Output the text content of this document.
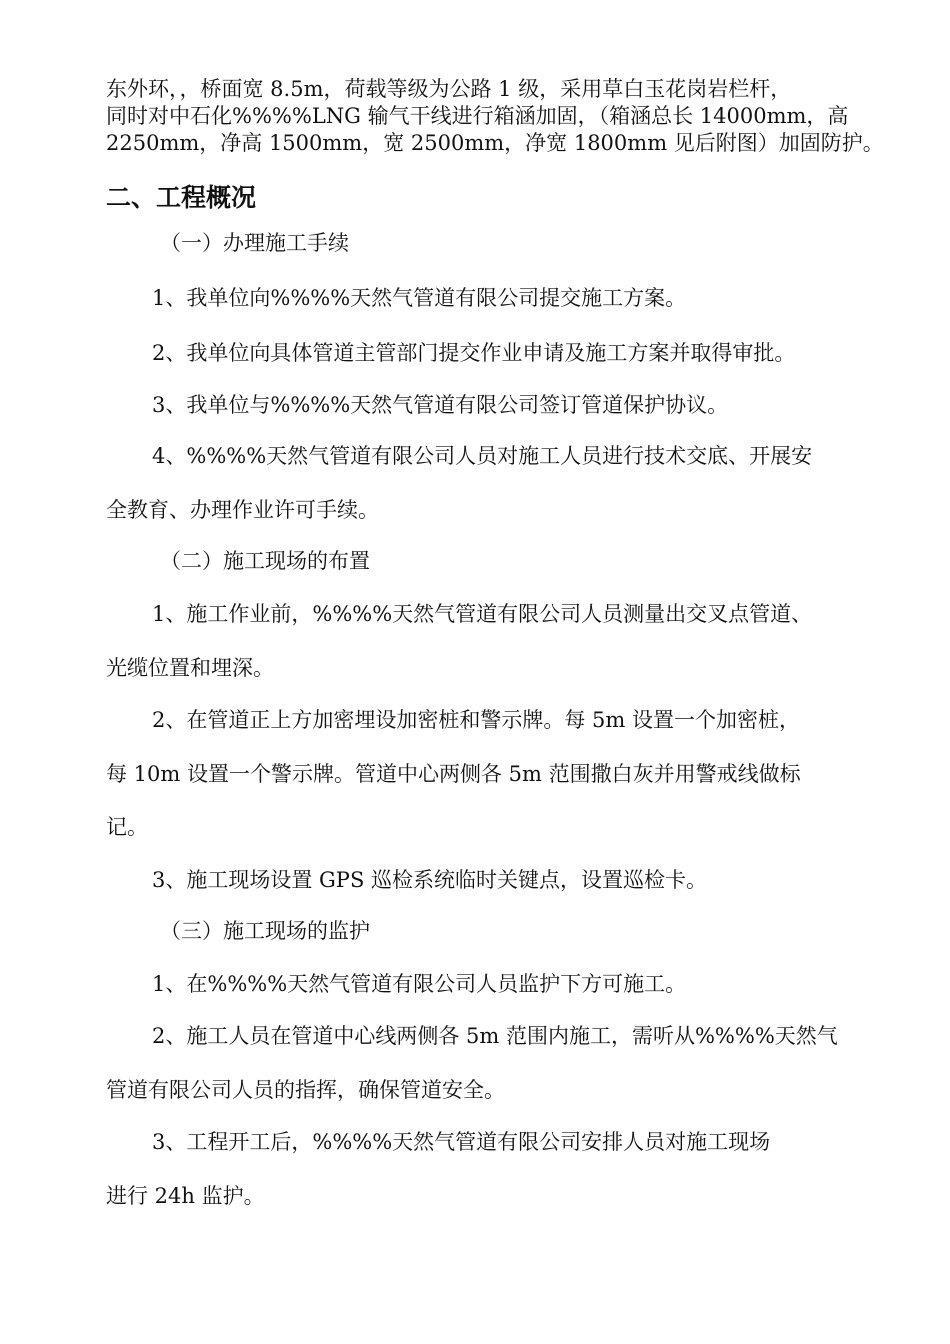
东外环，，桥面宽 8.5m，荷载等级为公路 1 级，采用草白玉花岗岩栏杆，
同时对中石化%%%%LNG 输气干线进行箱涵加固，（箱涵总长 14000mm，高
2250mm，净高 1500mm，宽 2500mm，净宽 1800mm 见后附图）加固防护。
二、工程概况
（一）办理施工手续
1、我单位向%%%%天然气管道有限公司提交施工方案。
2、我单位向具体管道主管部门提交作业申请及施工方案并取得审批。
3、我单位与%%%%天然气管道有限公司签订管道保护协议。
4、%%%%天然气管道有限公司人员对施工人员进行技术交底、开展安
全教育、办理作业许可手续。
（二）施工现场的布置
1、施工作业前，%%%%天然气管道有限公司人员测量出交叉点管道、
光缆位置和埋深。
2、在管道正上方加密埋设加密桩和警示牌。每 5m 设置一个加密桩，
每 10m 设置一个警示牌。管道中心两侧各 5m 范围撒白灰并用警戒线做标
记。
3、施工现场设置 GPS 巡检系统临时关键点，设置巡检卡。
（三）施工现场的监护
1、在%%%%天然气管道有限公司人员监护下方可施工。
2、施工人员在管道中心线两侧各 5m 范围内施工，需听从%%%%天然气
管道有限公司人员的指挥，确保管道安全。
3、工程开工后，%%%%天然气管道有限公司安排人员对施工现场
进行 24h 监护。
